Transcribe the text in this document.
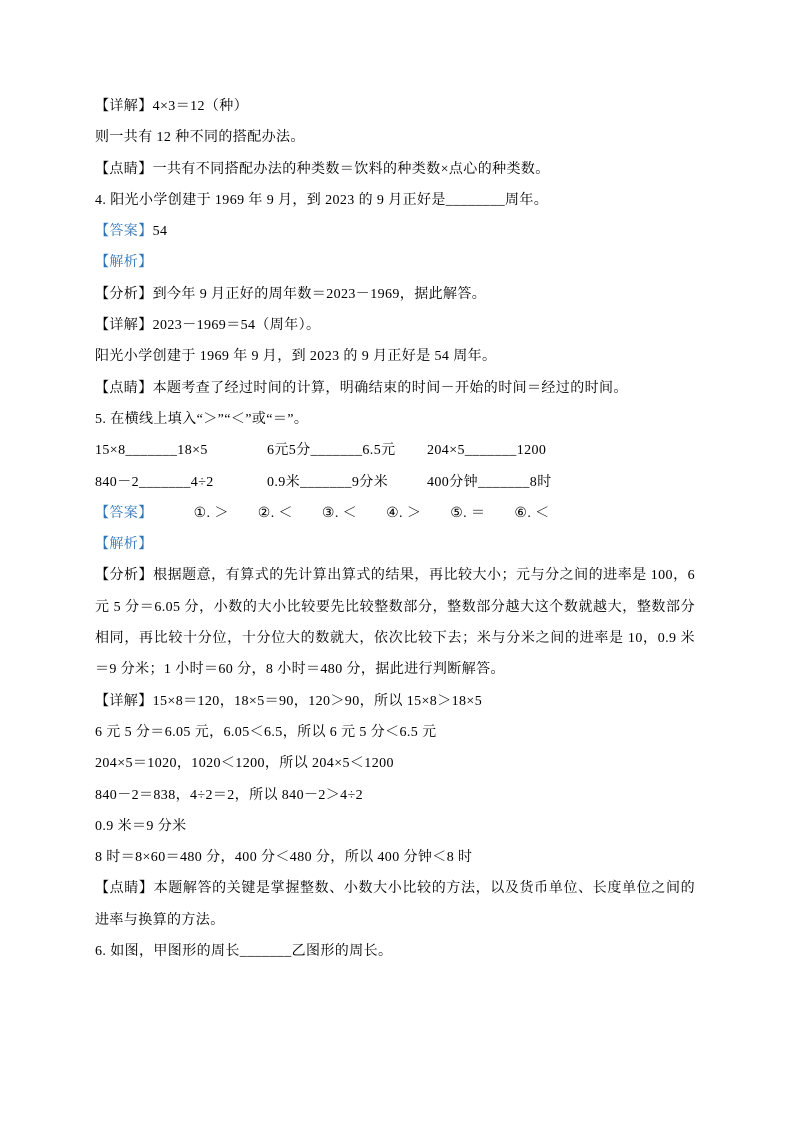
【详解】4×3＝12（种）

则一共有 12 种不同的搭配办法。

【点睛】一共有不同搭配办法的种类数＝饮料的种类数×点心的种类数。

4. 阳光小学创建于 1969 年 9 月，到 2023 的 9 月正好是________周年。

【答案】54

【解析】

【分析】到今年 9 月正好的周年数＝2023－1969，据此解答。

【详解】2023－1969＝54（周年）。

阳光小学创建于 1969 年 9 月，到 2023 的 9 月正好是 54 周年。

【点睛】本题考查了经过时间的计算，明确结束的时间－开始的时间＝经过的时间。

5. 在横线上填入“＞”“＜”或“＝”。

15×8_______18×5	6元5分_______6.5元	204×5_______1200
840－2_______4÷2	0.9米_______9分米	400分钟_______8时

【答案】	①. ＞ ②. ＜ ③. ＜ ④. ＞ ⑤. ＝ ⑥. ＜

【解析】

【分析】根据题意，有算式的先计算出算式的结果，再比较大小；元与分之间的进率是 100，6 元 5 分＝6.05 分，小数的大小比较要先比较整数部分，整数部分越大这个数就越大，整数部分相同，再比较十分位，十分位大的数就大，依次比较下去；米与分米之间的进率是 10，0.9 米＝9 分米；1 小时＝60 分，8 小时＝480 分，据此进行判断解答。

【详解】15×8＝120，18×5＝90，120＞90，所以 15×8＞18×5

6 元 5 分＝6.05 元，6.05＜6.5，所以 6 元 5 分＜6.5 元

204×5＝1020，1020＜1200，所以 204×5＜1200

840－2＝838，4÷2＝2，所以 840－2＞4÷2

0.9 米＝9 分米

8 时＝8×60＝480 分，400 分＜480 分，所以 400 分钟＜8 时

【点睛】本题解答的关键是掌握整数、小数大小比较的方法，以及货币单位、长度单位之间的进率与换算的方法。

6. 如图，甲图形的周长_______乙图形的周长。
